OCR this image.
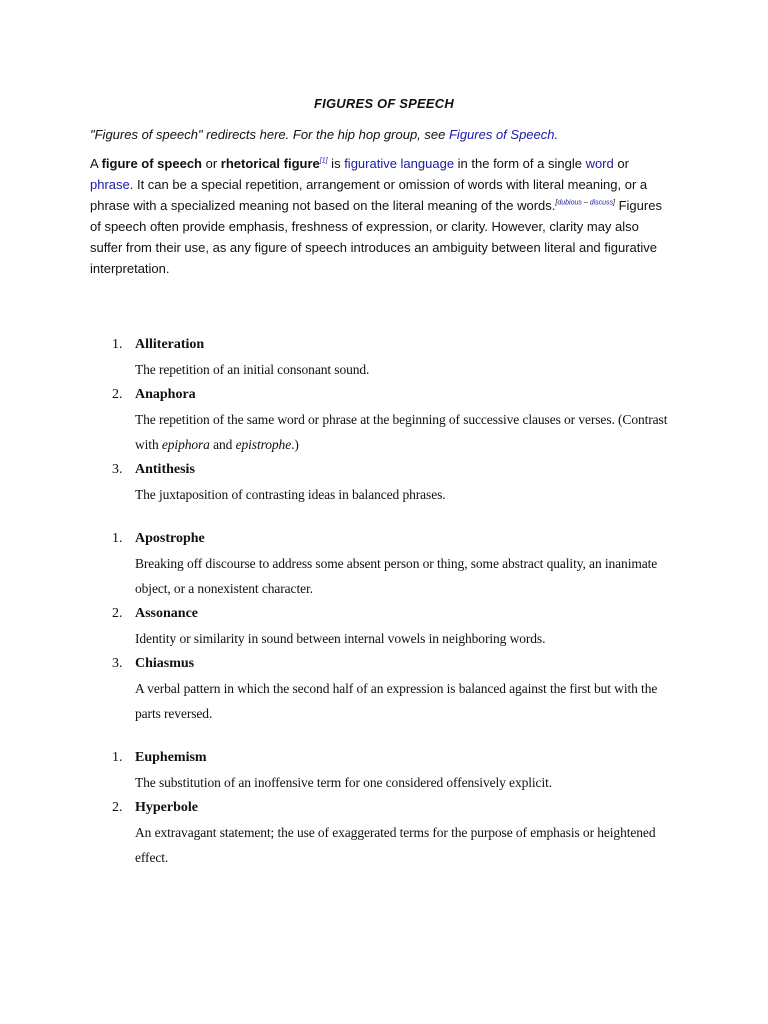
FIGURES OF SPEECH
"Figures of speech" redirects here. For the hip hop group, see Figures of Speech.
A figure of speech or rhetorical figure[1] is figurative language in the form of a single word or phrase. It can be a special repetition, arrangement or omission of words with literal meaning, or a phrase with a specialized meaning not based on the literal meaning of the words.[dubious – discuss] Figures of speech often provide emphasis, freshness of expression, or clarity. However, clarity may also suffer from their use, as any figure of speech introduces an ambiguity between literal and figurative interpretation.
1. Alliteration
The repetition of an initial consonant sound.
2. Anaphora
The repetition of the same word or phrase at the beginning of successive clauses or verses. (Contrast with epiphora and epistrophe.)
3. Antithesis
The juxtaposition of contrasting ideas in balanced phrases.
1. Apostrophe
Breaking off discourse to address some absent person or thing, some abstract quality, an inanimate object, or a nonexistent character.
2. Assonance
Identity or similarity in sound between internal vowels in neighboring words.
3. Chiasmus
A verbal pattern in which the second half of an expression is balanced against the first but with the parts reversed.
1. Euphemism
The substitution of an inoffensive term for one considered offensively explicit.
2. Hyperbole
An extravagant statement; the use of exaggerated terms for the purpose of emphasis or heightened effect.
